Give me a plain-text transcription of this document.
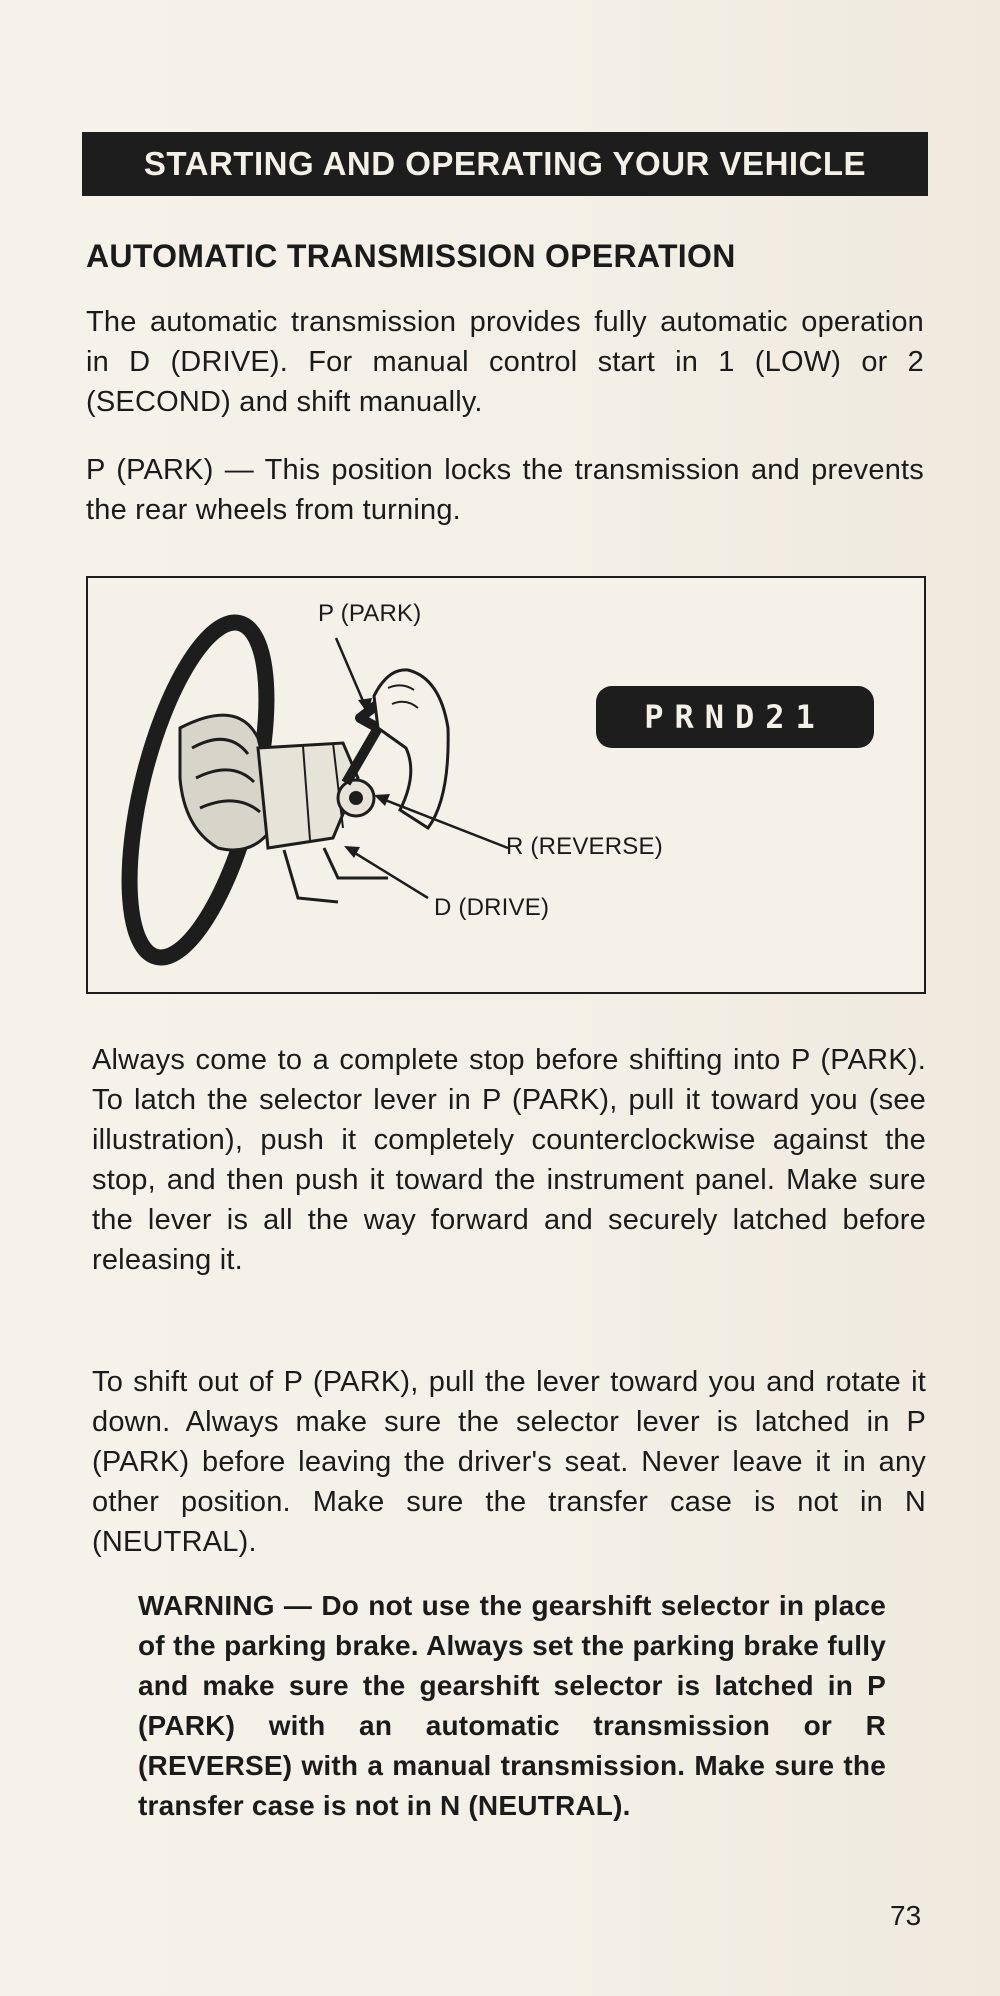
STARTING AND OPERATING YOUR VEHICLE
AUTOMATIC TRANSMISSION OPERATION
The automatic transmission provides fully automatic operation in D (DRIVE). For manual control start in 1 (LOW) or 2 (SECOND) and shift manually.
P (PARK) — This position locks the transmission and prevents the rear wheels from turning.
P (PARK)
R (REVERSE)
D (DRIVE)
PRND21
Always come to a complete stop before shifting into P (PARK). To latch the selector lever in P (PARK), pull it toward you (see illustration), push it completely counterclockwise against the stop, and then push it toward the instrument panel. Make sure the lever is all the way forward and securely latched before releasing it.
To shift out of P (PARK), pull the lever toward you and rotate it down. Always make sure the selector lever is latched in P (PARK) before leaving the driver's seat. Never leave it in any other position. Make sure the transfer case is not in N (NEUTRAL).
WARNING — Do not use the gearshift selector in place of the parking brake. Always set the parking brake fully and make sure the gearshift selector is latched in P (PARK) with an automatic transmission or R (REVERSE) with a manual transmission. Make sure the transfer case is not in N (NEUTRAL).
73
